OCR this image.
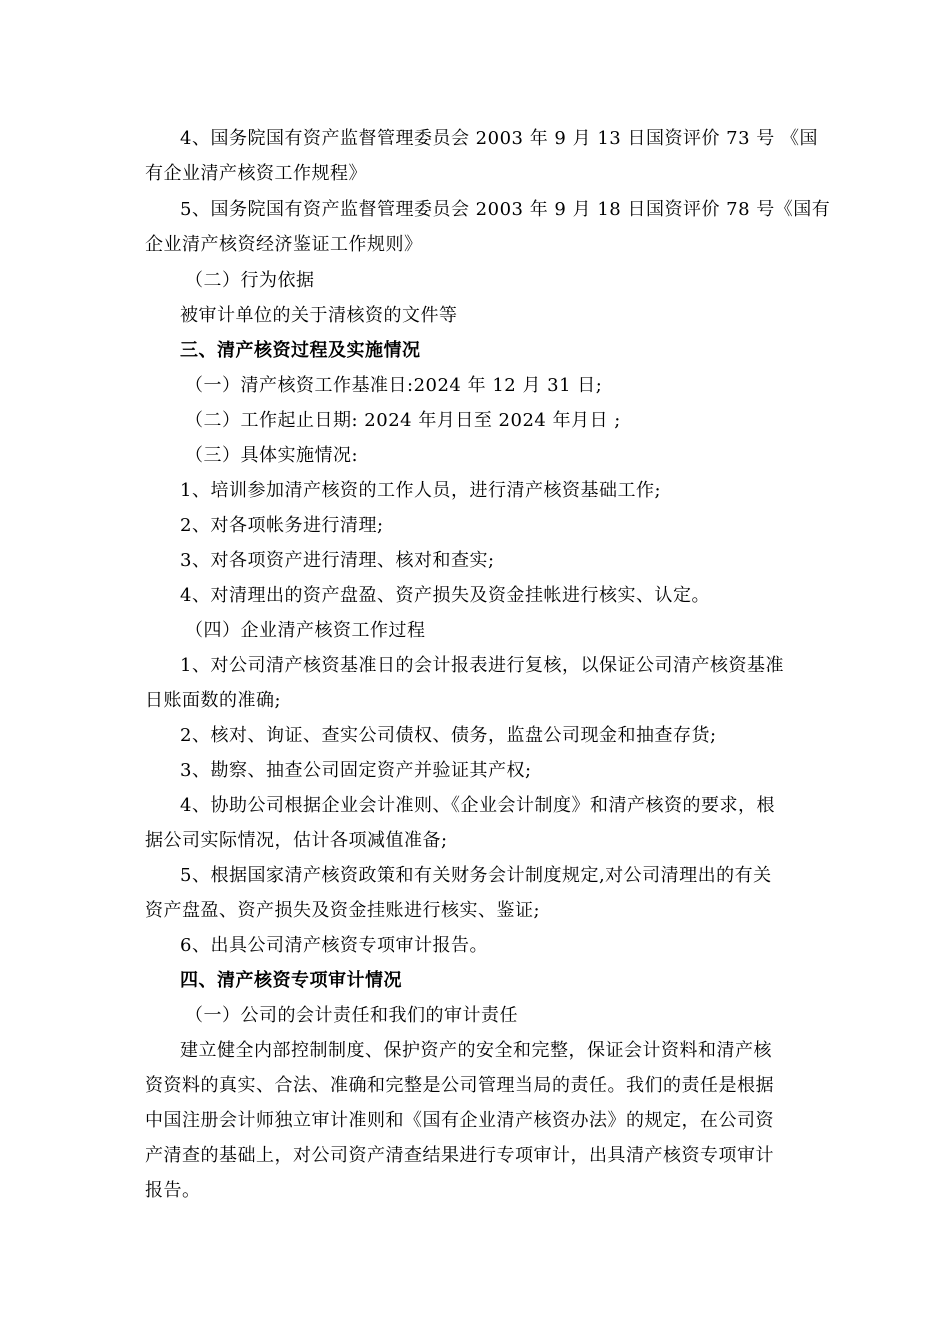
4、国务院国有资产监督管理委员会 2003 年 9 月 13 日国资评价 73 号 《国
有企业清产核资工作规程》
5、国务院国有资产监督管理委员会 2003 年 9 月 18 日国资评价 78 号《国有
企业清产核资经济鉴证工作规则》
（二）行为依据
被审计单位的关于清核资的文件等
三、清产核资过程及实施情况
（一）清产核资工作基准日:2024 年 12 月 31 日;
（二）工作起止日期: 2024 年月日至 2024 年月日 ;
（三）具体实施情况:
1、培训参加清产核资的工作人员，进行清产核资基础工作;
2、对各项帐务进行清理;
3、对各项资产进行清理、核对和查实;
4、对清理出的资产盘盈、资产损失及资金挂帐进行核实、认定。
（四）企业清产核资工作过程
1、对公司清产核资基准日的会计报表进行复核，以保证公司清产核资基准
日账面数的准确;
2、核对、询证、查实公司债权、债务，监盘公司现金和抽查存货;
3、勘察、抽查公司固定资产并验证其产权;
4、协助公司根据企业会计准则、《企业会计制度》和清产核资的要求，根
据公司实际情况，估计各项减值准备;
5、根据国家清产核资政策和有关财务会计制度规定,对公司清理出的有关
资产盘盈、资产损失及资金挂账进行核实、鉴证;
6、出具公司清产核资专项审计报告。
四、清产核资专项审计情况
（一）公司的会计责任和我们的审计责任
建立健全内部控制制度、保护资产的安全和完整，保证会计资料和清产核
资资料的真实、合法、准确和完整是公司管理当局的责任。我们的责任是根据
中国注册会计师独立审计准则和《国有企业清产核资办法》的规定，在公司资
产清查的基础上，对公司资产清查结果进行专项审计，出具清产核资专项审计
报告。
